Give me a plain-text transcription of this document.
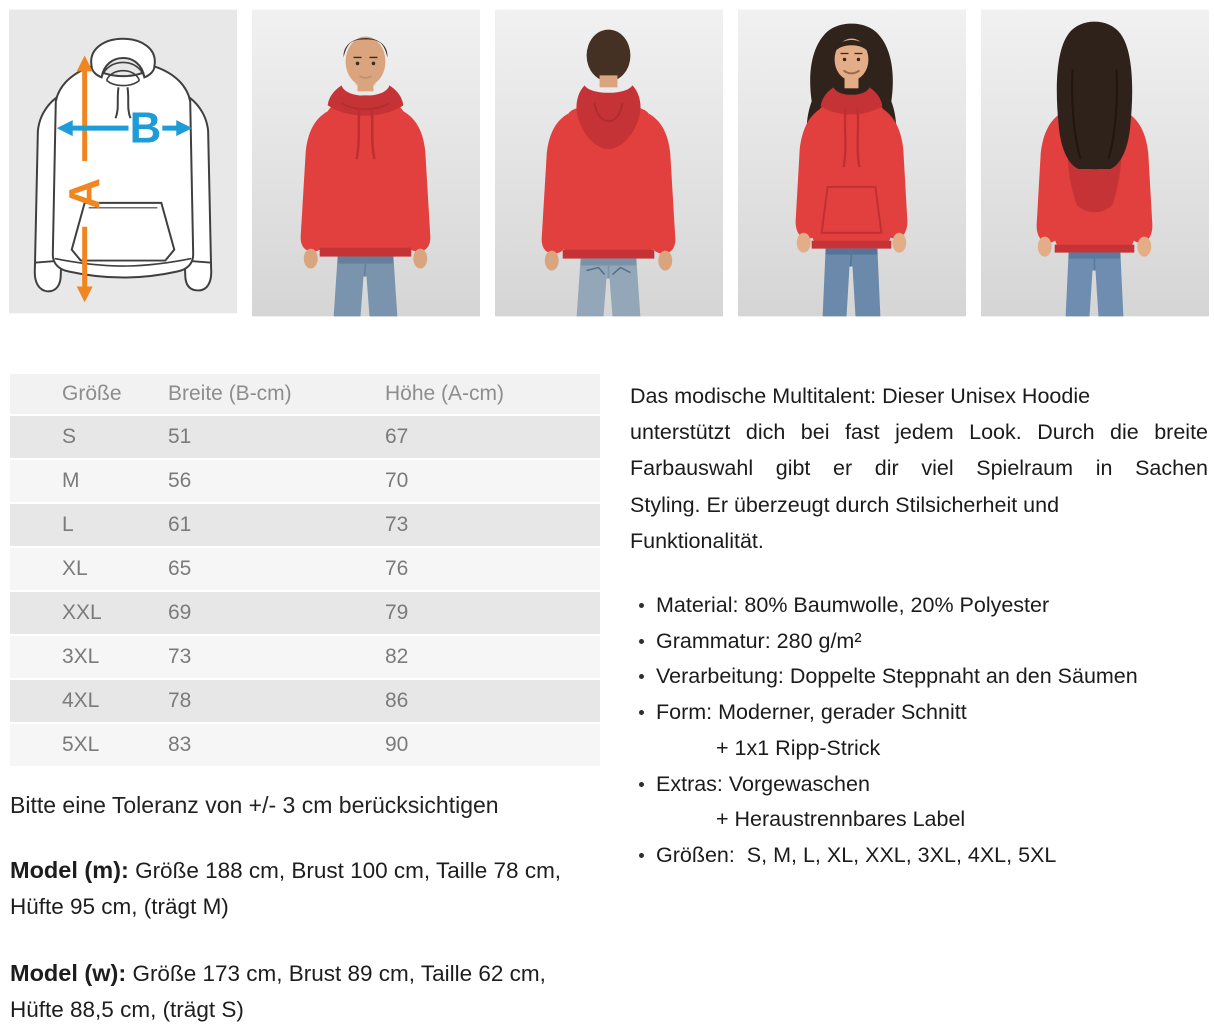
A
B
Größe	Breite (B-cm)	Höhe (A-cm)
S	51	67
M	56	70
L	61	73
XL	65	76
XXL	69	79
3XL	73	82
4XL	78	86
5XL	83	90

Bitte eine Toleranz von +/- 3 cm berücksichtigen

Model (m): Größe 188 cm, Brust 100 cm, Taille 78 cm,
Hüfte 95 cm, (trägt M)

Model (w): Größe 173 cm, Brust 89 cm, Taille 62 cm,
Hüfte 88,5 cm, (trägt S)

Das modische Multitalent: Dieser Unisex Hoodie
unterstützt dich bei fast jedem Look. Durch die breite
Farbauswahl gibt er dir viel Spielraum in Sachen
Styling. Er überzeugt durch Stilsicherheit und
Funktionalität.

Material: 80% Baumwolle, 20% Polyester
Grammatur: 280 g/m²
Verarbeitung: Doppelte Steppnaht an den Säumen
Form: Moderner, gerader Schnitt
+ 1x1 Ripp-Strick
Extras: Vorgewaschen
+ Heraustrennbares Label
Größen:  S, M, L, XL, XXL, 3XL, 4XL, 5XL
